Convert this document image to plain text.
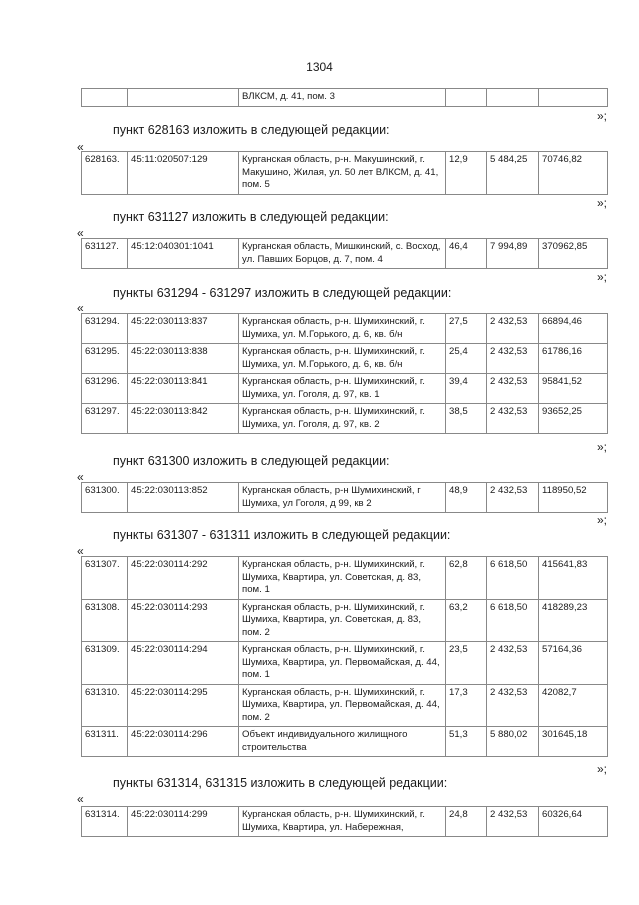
1304
		ВЛКСМ, д. 41, пом. 3			
»;
пункт 628163 изложить в следующей редакции:
«
628163.	45:11:020507:129	Курганская область, р-н. Макушинский, г. Макушино, Жилая, ул. 50 лет ВЛКСМ, д. 41, пом. 5	12,9	5 484,25	70746,82
»;
пункт 631127 изложить в следующей редакции:
«
631127.	45:12:040301:1041	Курганская область, Мишкинский, с. Восход, ул. Павших Борцов, д. 7, пом. 4	46,4	7 994,89	370962,85
»;
пункты 631294 - 631297 изложить в следующей редакции:
«
631294.	45:22:030113:837	Курганская область, р-н. Шумихинский, г. Шумиха, ул. М.Горького, д. 6, кв. б/н	27,5	2 432,53	66894,46
631295.	45:22:030113:838	Курганская область, р-н. Шумихинский, г. Шумиха, ул. М.Горького, д. 6, кв. б/н	25,4	2 432,53	61786,16
631296.	45:22:030113:841	Курганская область, р-н. Шумихинский, г. Шумиха, ул. Гоголя, д. 97, кв. 1	39,4	2 432,53	95841,52
631297.	45:22:030113:842	Курганская область, р-н. Шумихинский, г. Шумиха, ул. Гоголя, д. 97, кв. 2	38,5	2 432,53	93652,25
»;
пункт 631300 изложить в следующей редакции:
«
631300.	45:22:030113:852	Курганская область, р-н Шумихинский, г Шумиха, ул Гоголя, д 99, кв 2	48,9	2 432,53	118950,52
»;
пункты 631307 - 631311 изложить в следующей редакции:
«
631307.	45:22:030114:292	Курганская область, р-н. Шумихинский, г. Шумиха, Квартира, ул. Советская, д. 83, пом. 1	62,8	6 618,50	415641,83
631308.	45:22:030114:293	Курганская область, р-н. Шумихинский, г. Шумиха, Квартира, ул. Советская, д. 83, пом. 2	63,2	6 618,50	418289,23
631309.	45:22:030114:294	Курганская область, р-н. Шумихинский, г. Шумиха, Квартира, ул. Первомайская, д. 44, пом. 1	23,5	2 432,53	57164,36
631310.	45:22:030114:295	Курганская область, р-н. Шумихинский, г. Шумиха, Квартира, ул. Первомайская, д. 44, пом. 2	17,3	2 432,53	42082,7
631311.	45:22:030114:296	Объект индивидуального жилищного строительства	51,3	5 880,02	301645,18
»;
пункты 631314, 631315 изложить в следующей редакции:
«
631314.	45:22:030114:299	Курганская область, р-н. Шумихинский, г. Шумиха, Квартира, ул. Набережная,	24,8	2 432,53	60326,64
